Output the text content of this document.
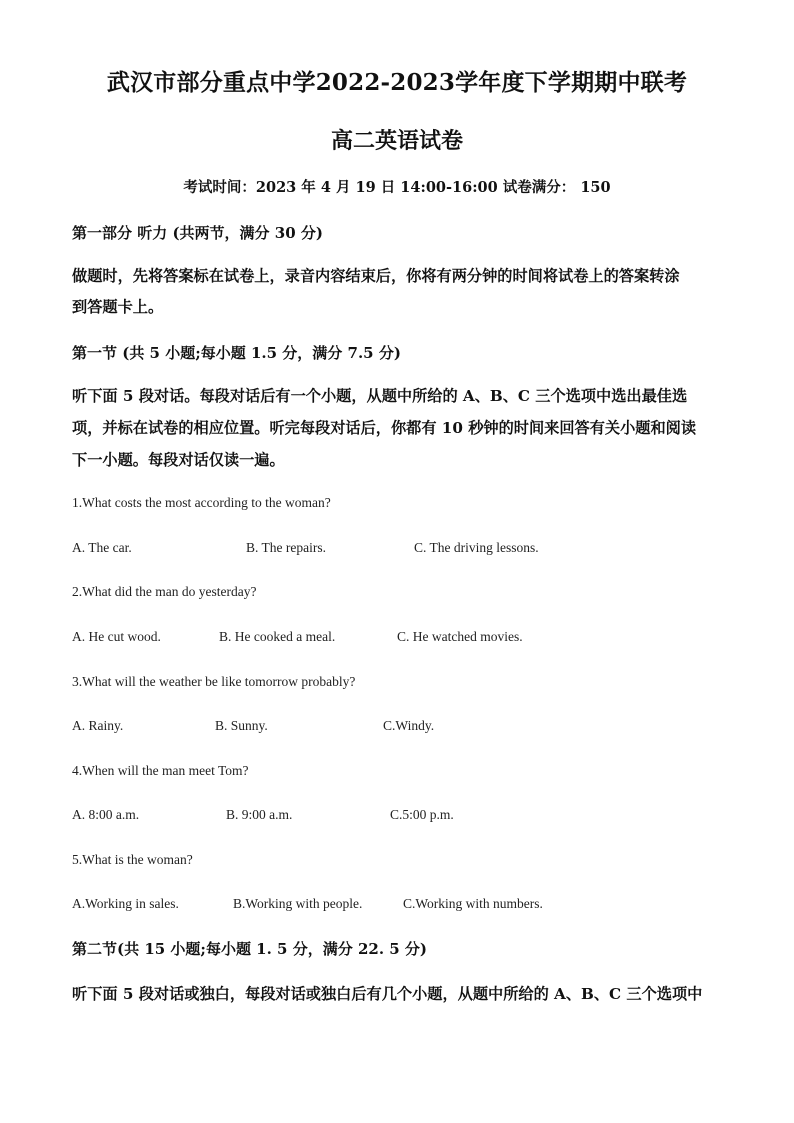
武汉市部分重点中学2022-2023学年度下学期期中联考
高二英语试卷
考试时间：2023 年 4 月 19 日 14:00-16:00 试卷满分： 150
第一部分 听力 (共两节，满分 30 分)
做题时，先将答案标在试卷上，录音内容结束后，你将有两分钟的时间将试卷上的答案转涂
到答题卡上。
第一节 (共 5 小题;每小题 1.5 分，满分 7.5 分)
听下面 5 段对话。每段对话后有一个小题，从题中所给的 A、B、C 三个选项中选出最佳选
项，并标在试卷的相应位置。听完每段对话后，你都有 10 秒钟的时间来回答有关小题和阅读
下一小题。每段对话仅读一遍。
1.What costs the most according to the woman?
A. The car.	B. The repairs.	C. The driving lessons.
2.What did the man do yesterday?
A. He cut wood.	B. He cooked a meal.	C. He watched movies.
3.What will the weather be like tomorrow probably?
A. Rainy.	B. Sunny.	C.Windy.
4.When will the man meet Tom?
A. 8:00 a.m.	B. 9:00 a.m.	C.5:00 p.m.
5.What is the woman?
A.Working in sales.	B.Working with people.	C.Working with numbers.
第二节(共 15 小题;每小题 1. 5 分，满分 22. 5 分)
听下面 5 段对话或独白，每段对话或独白后有几个小题，从题中所给的 A、B、C 三个选项中
